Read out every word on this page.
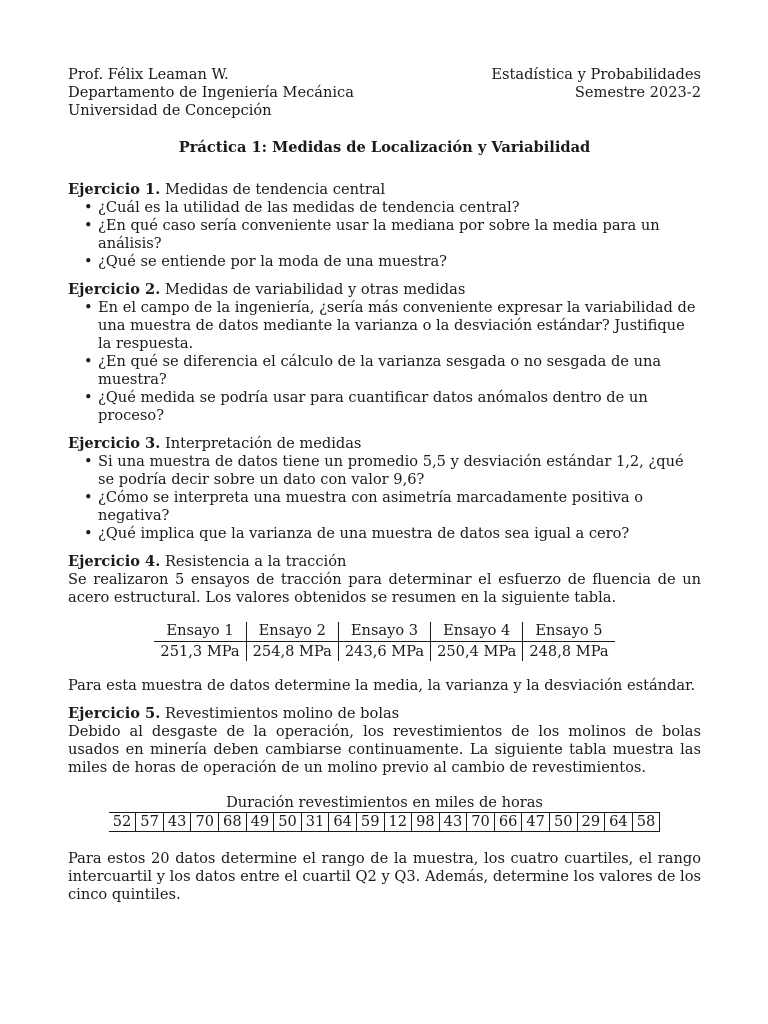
Prof. Félix Leaman W.
Departamento de Ingeniería Mecánica
Universidad de Concepción
Estadística y Probabilidades
Semestre 2023-2
Práctica 1: Medidas de Localización y Variabilidad
Ejercicio 1. Medidas de tendencia central
• ¿Cuál es la utilidad de las medidas de tendencia central?
• ¿En qué caso sería conveniente usar la mediana por sobre la media para un análisis?
• ¿Qué se entiende por la moda de una muestra?
Ejercicio 2. Medidas de variabilidad y otras medidas
• En el campo de la ingeniería, ¿sería más conveniente expresar la variabilidad de una muestra de datos mediante la varianza o la desviación estándar? Justifique la respuesta.
• ¿En qué se diferencia el cálculo de la varianza sesgada o no sesgada de una muestra?
• ¿Qué medida se podría usar para cuantificar datos anómalos dentro de un proceso?
Ejercicio 3. Interpretación de medidas
• Si una muestra de datos tiene un promedio 5,5 y desviación estándar 1,2, ¿qué se podría decir sobre un dato con valor 9,6?
• ¿Cómo se interpreta una muestra con asimetría marcadamente positiva o negativa?
• ¿Qué implica que la varianza de una muestra de datos sea igual a cero?
Ejercicio 4. Resistencia a la tracción

Se realizaron 5 ensayos de tracción para determinar el esfuerzo de fluencia de un acero estructural. Los valores obtenidos se resumen en la siguiente tabla.

Ensayo 1	Ensayo 2	Ensayo 3	Ensayo 4	Ensayo 5
251,3 MPa	254,8 MPa	243,6 MPa	250,4 MPa	248,8 MPa

Para esta muestra de datos determine la media, la varianza y la desviación estándar.

Ejercicio 5. Revestimientos molino de bolas

Debido al desgaste de la operación, los revestimientos de los molinos de bolas usados en minería deben cambiarse continuamente. La siguiente tabla muestra las miles de horas de operación de un molino previo al cambio de revestimientos.

Duración revestimientos en miles de horas
52	57	43	70	68	49	50	31	64	59	12	98	43	70	66	47	50	29	64	58

Para estos 20 datos determine el rango de la muestra, los cuatro cuartiles, el rango intercuartil y los datos entre el cuartil Q2 y Q3. Además, determine los valores de los cinco quintiles.
